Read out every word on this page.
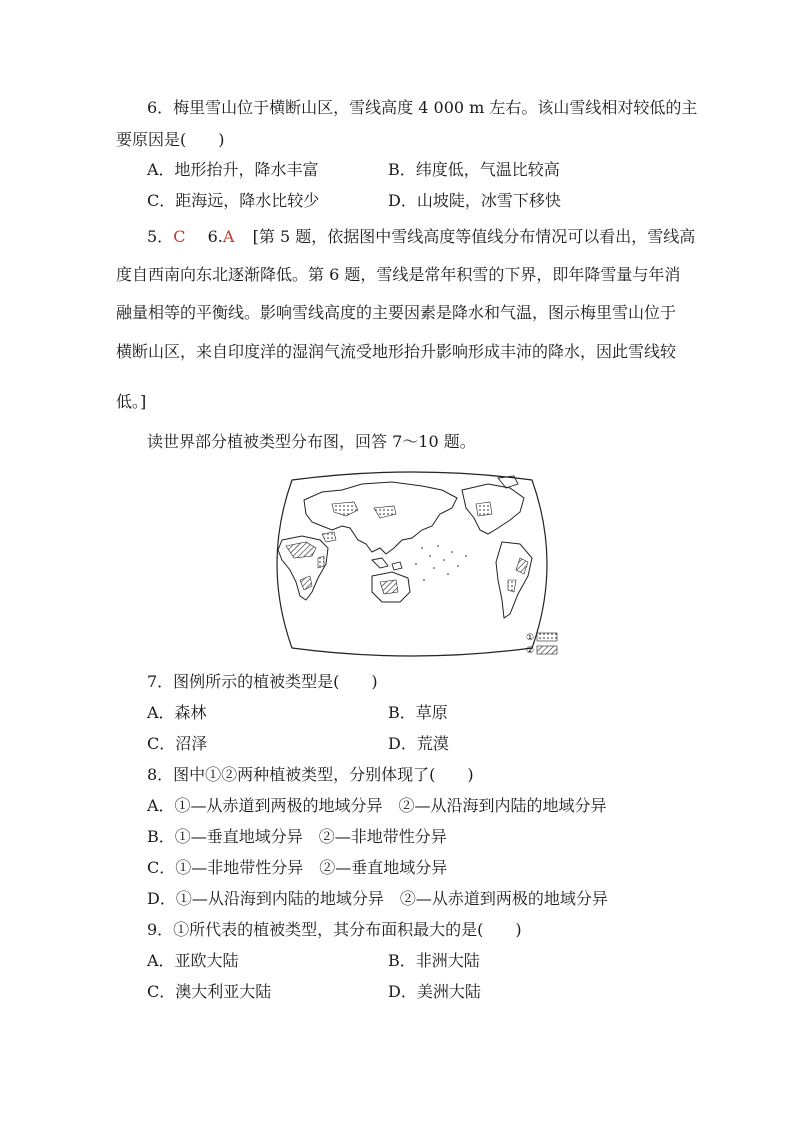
6．梅里雪山位于横断山区，雪线高度 4 000 m 左右。该山雪线相对较低的主
要原因是(　　)
A．地形抬升，降水丰富	B．纬度低，气温比较高
C．距海远，降水比较少	D．山坡陡，冰雪下移快
5．C 6.A [第 5 题，依据图中雪线高度等值线分布情况可以看出，雪线高
度自西南向东北逐渐降低。第 6 题，雪线是常年积雪的下界，即年降雪量与年消
融量相等的平衡线。影响雪线高度的主要因素是降水和气温，图示梅里雪山位于
横断山区，来自印度洋的湿润气流受地形抬升影响形成丰沛的降水，因此雪线较
低。]
读世界部分植被类型分布图，回答 7～10 题。
①
②
7．图例所示的植被类型是(　　)
A．森林	B．草原
C．沼泽	D．荒漠
8．图中①②两种植被类型，分别体现了(　　)
A．①—从赤道到两极的地域分异　②—从沿海到内陆的地域分异
B．①—垂直地域分异　②—非地带性分异
C．①—非地带性分异　②—垂直地域分异
D．①—从沿海到内陆的地域分异　②—从赤道到两极的地域分异
9．①所代表的植被类型，其分布面积最大的是(　　)
A．亚欧大陆	B．非洲大陆
C．澳大利亚大陆	D．美洲大陆
